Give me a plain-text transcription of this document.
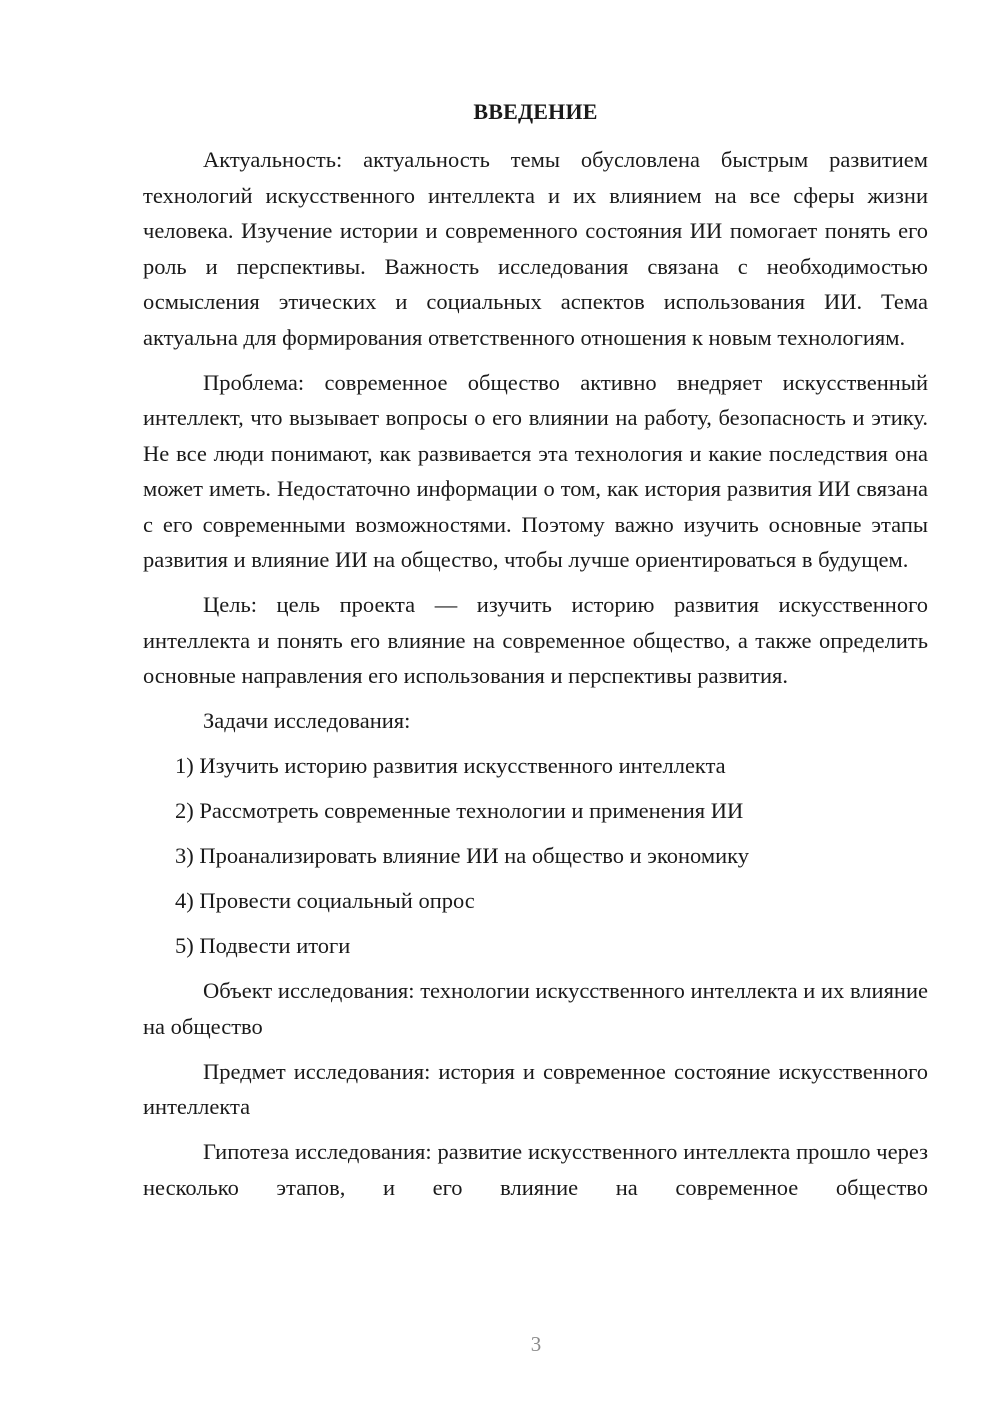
ВВЕДЕНИЕ

Актуальность: актуальность темы обусловлена быстрым развитием технологий искусственного интеллекта и их влиянием на все сферы жизни человека. Изучение истории и современного состояния ИИ помогает понять его роль и перспективы. Важность исследования связана с необходимостью осмысления этических и социальных аспектов использования ИИ. Тема актуальна для формирования ответственного отношения к новым технологиям.

Проблема: современное общество активно внедряет искусственный интеллект, что вызывает вопросы о его влиянии на работу, безопасность и этику. Не все люди понимают, как развивается эта технология и какие последствия она может иметь. Недостаточно информации о том, как история развития ИИ связана с его современными возможностями. Поэтому важно изучить основные этапы развития и влияние ИИ на общество, чтобы лучше ориентироваться в будущем.

Цель: цель проекта — изучить историю развития искусственного интеллекта и понять его влияние на современное общество, а также определить основные направления его использования и перспективы развития.

Задачи исследования:

1) Изучить историю развития искусственного интеллекта

2) Рассмотреть современные технологии и применения ИИ

3) Проанализировать влияние ИИ на общество и экономику

4) Провести социальный опрос

5) Подвести итоги

Объект исследования: технологии искусственного интеллекта и их влияние на общество

Предмет исследования: история и современное состояние искусственного интеллекта

Гипотеза исследования: развитие искусственного интеллекта прошло через несколько этапов, и его влияние на современное общество

3
